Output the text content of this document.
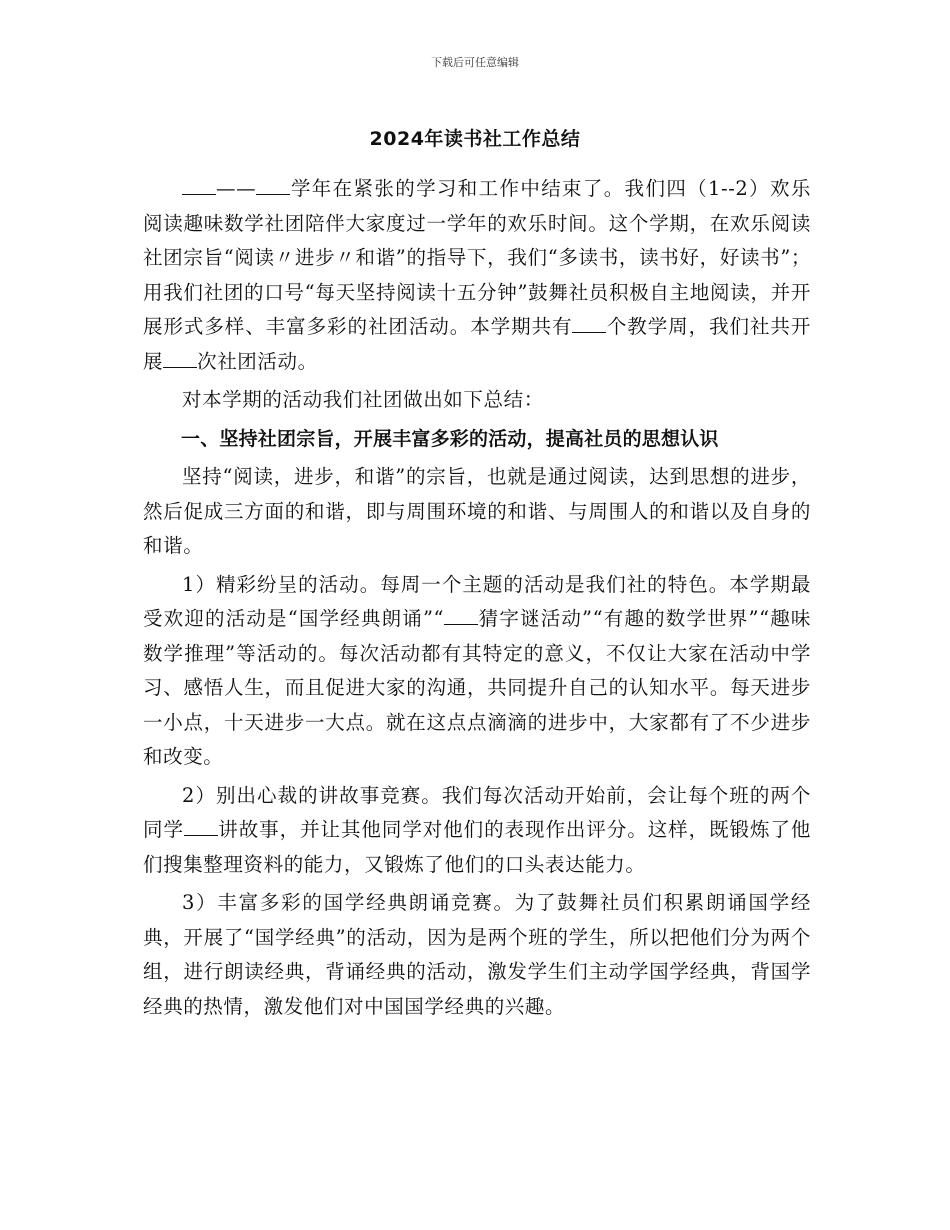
下载后可任意编辑
2024年读书社工作总结

—— 学年在紧张的学习和工作中结束了。我们四（1--2）欢乐阅读趣味数学社团陪伴大家度过一学年的欢乐时间。这个学期，在欢乐阅读社团宗旨“阅读〃进步〃和谐”的指导下，我们“多读书，读书好，好读书”；用我们社团的口号“每天坚持阅读十五分钟”鼓舞社员积极自主地阅读，并开展形式多样、丰富多彩的社团活动。本学期共有 个教学周，我们社共开展 次社团活动。

对本学期的活动我们社团做出如下总结：

一、坚持社团宗旨，开展丰富多彩的活动，提高社员的思想认识

坚持“阅读，进步，和谐”的宗旨，也就是通过阅读，达到思想的进步，然后促成三方面的和谐，即与周围环境的和谐、与周围人的和谐以及自身的和谐。

1）精彩纷呈的活动。每周一个主题的活动是我们社的特色。本学期最受欢迎的活动是“国学经典朗诵”“ 猜字谜活动”“有趣的数学世界”“趣味数学推理”等活动的。每次活动都有其特定的意义，不仅让大家在活动中学习、感悟人生，而且促进大家的沟通，共同提升自己的认知水平。每天进步一小点，十天进步一大点。就在这点点滴滴的进步中，大家都有了不少进步和改变。

2）别出心裁的讲故事竞赛。我们每次活动开始前，会让每个班的两个同学 讲故事，并让其他同学对他们的表现作出评分。这样，既锻炼了他们搜集整理资料的能力，又锻炼了他们的口头表达能力。

3）丰富多彩的国学经典朗诵竞赛。为了鼓舞社员们积累朗诵国学经典，开展了“国学经典”的活动，因为是两个班的学生，所以把他们分为两个组，进行朗读经典，背诵经典的活动，激发学生们主动学国学经典，背国学经典的热情，激发他们对中国国学经典的兴趣。
